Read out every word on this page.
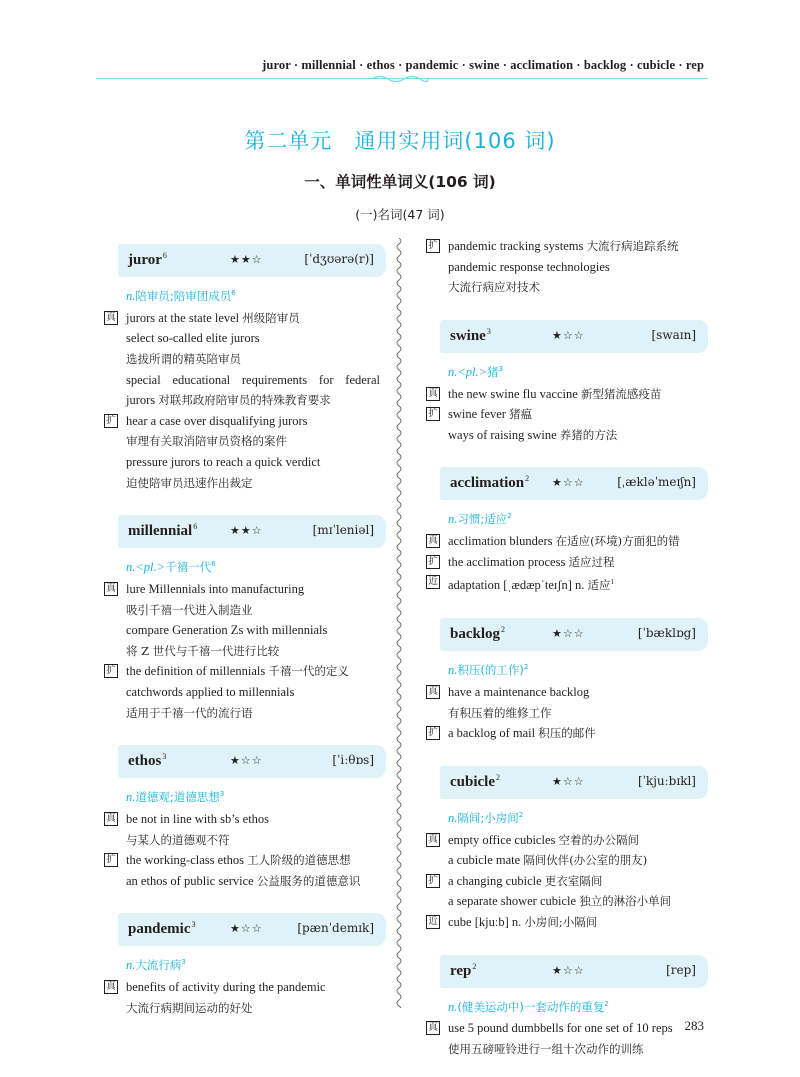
juror · millennial · ethos · pandemic · swine · acclimation · backlog · cubicle · rep
第二单元　通用实用词(106 词)
一、单词性单词义(106 词)
(一)名词(47 词)
juror$^6$	★★☆	[ˈdʒʊərə(r)]
n.陪审员;陪审团成员$^6$
真 jurors at the state level 州级陪审员
select so-called elite jurors
选拔所谓的精英陪审员
special educational requirements for federal
jurors 对联邦政府陪审员的特殊教育要求
扩 hear a case over disqualifying jurors
审理有关取消陪审员资格的案件
pressure jurors to reach a quick verdict
迫使陪审员迅速作出裁定
millennial$^6$	★★☆	[mɪˈleniəl]
n.<pl.>千禧一代$^6$
真 lure Millennials into manufacturing
吸引千禧一代进入制造业
compare Generation Zs with millennials
将 Z 世代与千禧一代进行比较
扩 the definition of millennials 千禧一代的定义
catchwords applied to millennials
适用于千禧一代的流行语
ethos$^3$	★☆☆	[ˈiːθɒs]
n.道德观;道德思想$^3$
真 be not in line with sb’s ethos
与某人的道德观不符
扩 the working-class ethos 工人阶级的道德思想
an ethos of public service 公益服务的道德意识
pandemic$^3$	★☆☆	[pænˈdemɪk]
n.大流行病$^3$
真 benefits of activity during the pandemic
大流行病期间运动的好处
扩 pandemic tracking systems 大流行病追踪系统
pandemic response technologies
大流行病应对技术
swine$^3$	★☆☆	[swaɪn]
n.<pl.>猪$^3$
真 the new swine flu vaccine 新型猪流感疫苗
扩 swine fever 猪瘟
ways of raising swine 养猪的方法
acclimation$^2$ ★☆☆	[ˌækləˈmeɪʃn]
n.习惯;适应$^2$
真 acclimation blunders 在适应(环境)方面犯的错
扩 the acclimation process 适应过程
近 adaptation [ˌædæpˈteɪʃn] n. 适应$^1$
backlog$^2$	★☆☆	[ˈbæklɒg]
n.积压(的工作)$^2$
真 have a maintenance backlog
有积压着的维修工作
扩 a backlog of mail 积压的邮件
cubicle$^2$	★☆☆	[ˈkjuːbɪkl]
n.隔间;小房间$^2$
真 empty office cubicles 空着的办公隔间
a cubicle mate 隔间伙伴(办公室的朋友)
扩 a changing cubicle 更衣室隔间
a separate shower cubicle 独立的淋浴小单间
近 cube [kjuːb] n. 小房间;小隔间
rep$^2$	★☆☆	[rep]
n.(健美运动中)一套动作的重复$^2$
真 use 5 pound dumbbells for one set of 10 reps
使用五磅哑铃进行一组十次动作的训练
283
